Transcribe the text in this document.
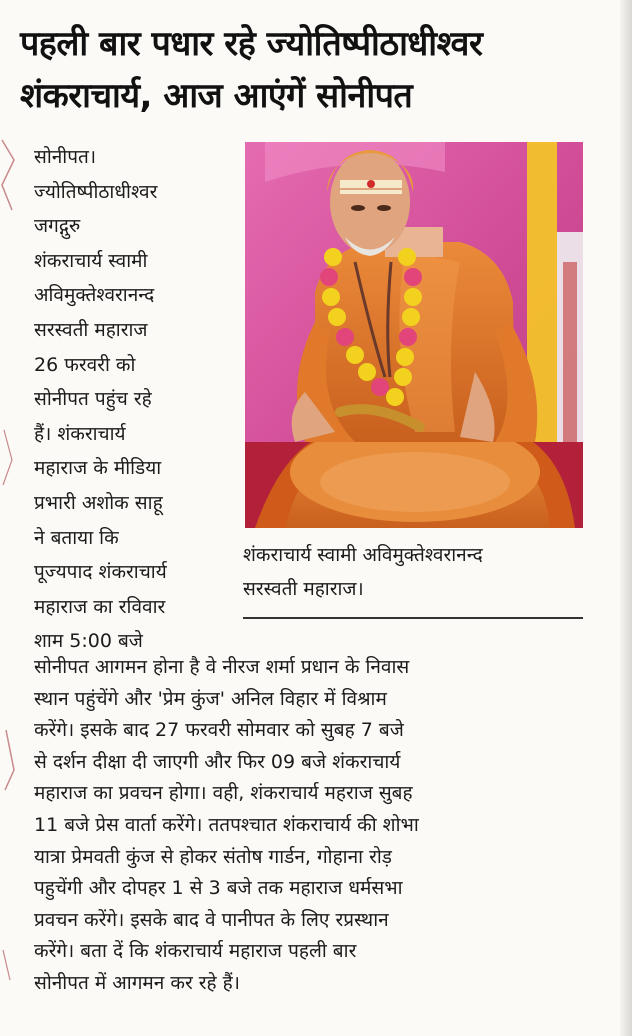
पहली बार पधार रहे ज्योतिष्पीठाधीश्वर
शंकराचार्य, आज आएंगें सोनीपत
सोनीपत।
ज्योतिष्पीठाधीश्वर
जगद्गुरु
शंकराचार्य स्वामी
अविमुक्तेश्वरानन्द
सरस्वती महाराज
26 फरवरी को
सोनीपत पहुंच रहे
हैं। शंकराचार्य
महाराज के मीडिया
प्रभारी अशोक साहू
ने बताया कि
पूज्यपाद शंकराचार्य
महाराज का रविवार
शाम 5:00 बजे
शंकराचार्य स्वामी अविमुक्तेश्वरानन्द
सरस्वती महाराज।
सोनीपत आगमन होना है वे नीरज शर्मा प्रधान के निवास
स्थान पहुंचेंगे और 'प्रेम कुंज' अनिल विहार में विश्राम
करेंगे। इसके बाद 27 फरवरी सोमवार को सुबह 7 बजे
से दर्शन दीक्षा दी जाएगी और फिर 09 बजे शंकराचार्य
महाराज का प्रवचन होगा। वही, शंकराचार्य महराज सुबह
11 बजे प्रेस वार्ता करेंगे। ततपश्चात शंकराचार्य की शोभा
यात्रा प्रेमवती कुंज से होकर संतोष गार्डन, गोहाना रोड़
पहुचेंगी और दोपहर 1 से 3 बजे तक महाराज धर्मसभा
प्रवचन करेंगे। इसके बाद वे पानीपत के लिए रप्रस्थान
करेंगे। बता दें कि शंकराचार्य महाराज पहली बार
सोनीपत में आगमन कर रहे हैं।
